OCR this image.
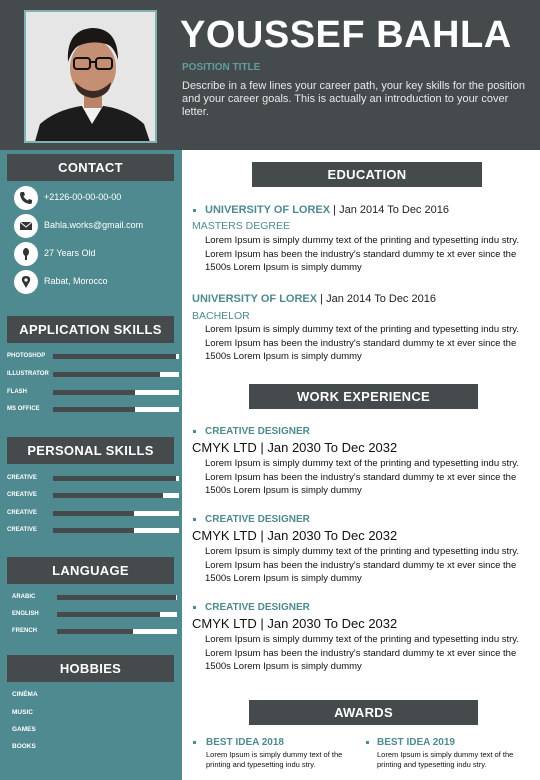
YOUSSEF BAHLA
POSITION TITLE
Describe in a few lines your career path, your key skills for the position and your career goals. This is actually an introduction to your cover letter.
CONTACT
+2126-00-00-00-00
Bahla.works@gmail.com
27 Years Old
Rabat, Morocco
APPLICATION SKILLS
PHOTOSHOP
ILLUSTRATOR
FLASH
MS OFFICE
PERSONAL SKILLS
CREATIVE
CREATIVE
CREATIVE
CREATIVE
LANGUAGE
ARABIC
ENGLISH
FRENCH
HOBBIES
CINÉMA
MUSIC
GAMES
BOOKS
EDUCATION
UNIVERSITY OF LOREX | Jan 2014 To Dec 2016
MASTERS DEGREE
Lorem Ipsum is simply dummy text of the printing and typesetting indu stry. Lorem Ipsum has been the industry's standard dummy te xt ever since the 1500s Lorem Ipsum is simply dummy
UNIVERSITY OF LOREX | Jan 2014 To Dec 2016
BACHELOR
Lorem Ipsum is simply dummy text of the printing and typesetting indu stry. Lorem Ipsum has been the industry's standard dummy te xt ever since the 1500s Lorem Ipsum is simply dummy
WORK EXPERIENCE
CREATIVE DESIGNER
CMYK LTD | Jan 2030 To Dec 2032
Lorem Ipsum is simply dummy text of the printing and typesetting indu stry. Lorem Ipsum has been the industry's standard dummy te xt ever since the 1500s Lorem Ipsum is simply dummy
CREATIVE DESIGNER
CMYK LTD | Jan 2030 To Dec 2032
Lorem Ipsum is simply dummy text of the printing and typesetting indu stry. Lorem Ipsum has been the industry's standard dummy te xt ever since the 1500s Lorem Ipsum is simply dummy
CREATIVE DESIGNER
CMYK LTD | Jan 2030 To Dec 2032
Lorem Ipsum is simply dummy text of the printing and typesetting indu stry. Lorem Ipsum has been the industry's standard dummy te xt ever since the 1500s Lorem Ipsum is simply dummy
AWARDS
BEST IDEA 2018
Lorem Ipsum is simply dummy text of the printing and typesetting indu stry.
BEST IDEA 2019
Lorem Ipsum is simply dummy text of the printing and typesetting indu stry.
